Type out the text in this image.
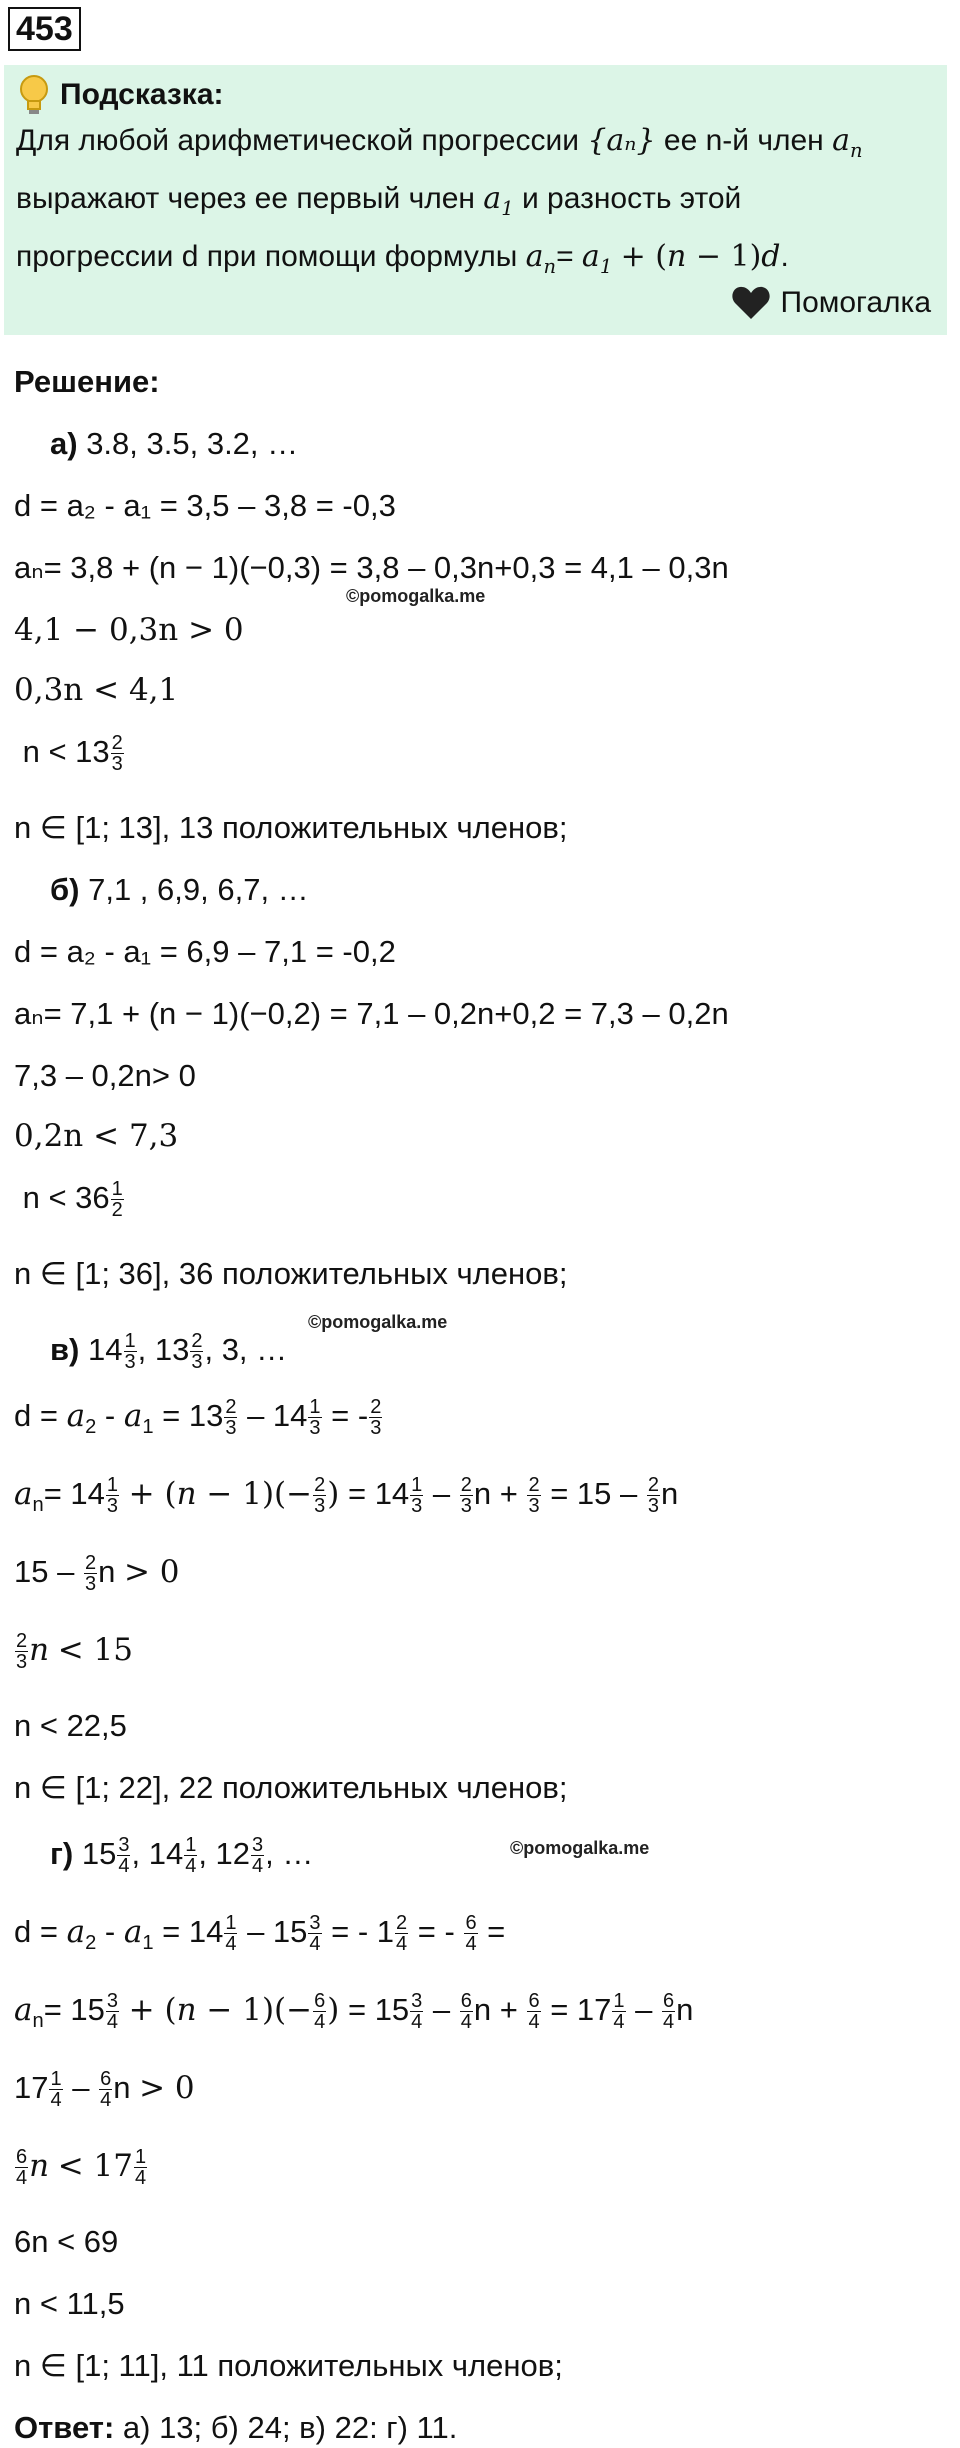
453
Подсказка:
Для любой арифметической прогрессии {aₙ} ее n-й член $a_n$
выражают через ее первый член $a_1$ и разность этой
прогрессии d при помощи формулы $a_n= a_1 + (n - 1)d$.
Помогалка
Решение:
а) 3.8, 3.5, 3.2, …
d = a₂ - a₁ = 3,5 – 3,8 = -0,3
aₙ= 3,8 + (n − 1)(−0,3) = 3,8 – 0,3n+0,3 = 4,1 – 0,3n
©pomogalka.me
4,1 − 0,3n > 0
0,3n < 4,1
$n < 13 \frac{2}{3}$
n ∈ [1; 13], 13 положительных членов;
б) 7,1 , 6,9, 6,7, …
d = a₂ - a₁ = 6,9 – 7,1 = -0,2
aₙ= 7,1 + (n − 1)(−0,2) = 7,1 – 0,2n+0,2 = 7,3 – 0,2n
7,3 – 0,2n> 0
0,2n < 7,3
$n < 36 \frac{1}{2}$
n ∈ [1; 36], 36 положительных членов;
©pomogalka.me
в) $14 \frac{1}{3}$ , $13 \frac{2}{3}$ , 3, …
$d = a_2 - a_1 = 13 \frac{2}{3} - 14 \frac{1}{3}$ = - $\frac{2}{3}$
$a_n= 14 \frac{1}{3} + (n - 1)(- \frac{2}{3}$ ) = $14 \frac{1}{3} - \frac{2}{3}$ $n + \frac{2}{3} = 15 - \frac{2}{3}$ n
$15 - \frac{2}{3}$ n > 0
$\frac{2}{3}$ n < 15
n < 22,5
n ∈ [1; 22], 22 положительных членов;
г) $15 \frac{3}{4}$ , $14 \frac{1}{4}$ , $12 \frac{3}{4}$ , …	©pomogalka.me
$d = a_2 - a_1 = 14 \frac{1}{4} - 15 \frac{3}{4}$ = - $1 \frac{2}{4}$ = - $\frac{6}{4}$ =
$a_n= 15 \frac{3}{4} + (n - 1)(- \frac{6}{4}$ ) = $15 \frac{3}{4} - \frac{6}{4}$ $n + \frac{6}{4} = 17 \frac{1}{4} - \frac{6}{4}$ n
$17 \frac{1}{4} - \frac{6}{4}$ n > 0
$\frac{6}{4}$ $n < 17 \frac{1}{4}$
6n < 69
n < 11,5
n ∈ [1; 11], 11 положительных членов;
Ответ: а) 13; б) 24; в) 22: г) 11.
